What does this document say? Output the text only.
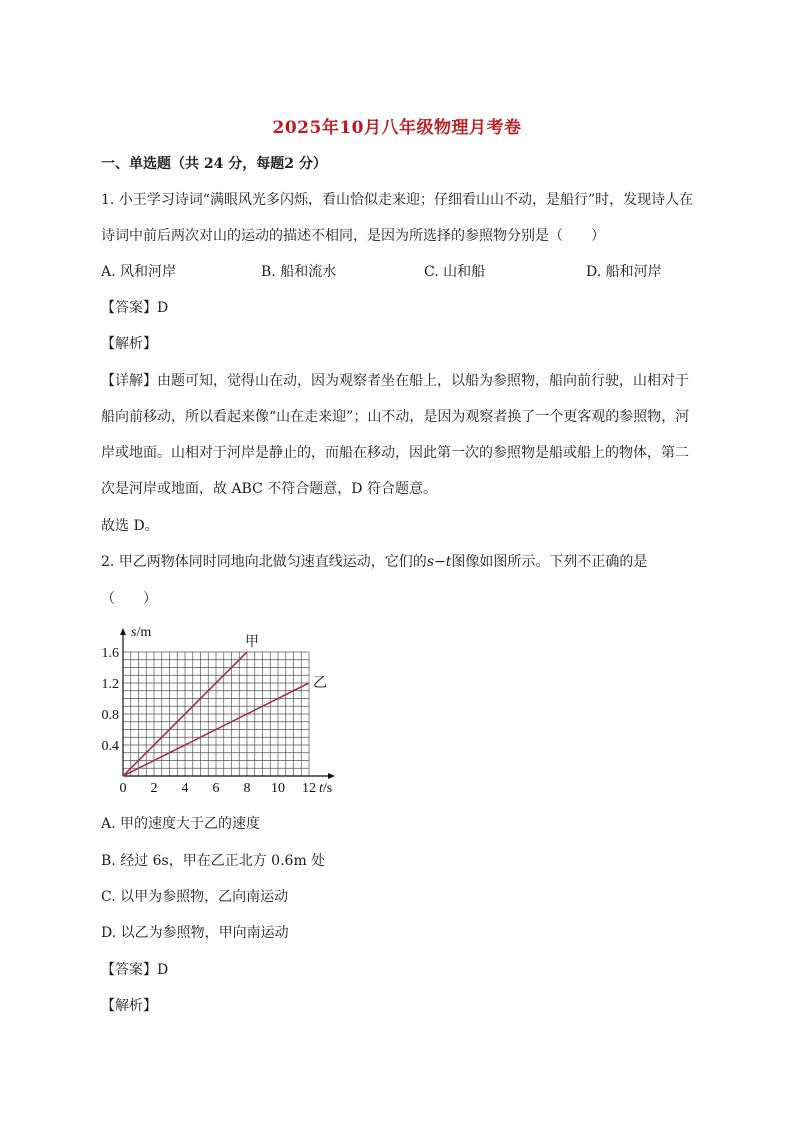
2025年10月八年级物理月考卷
一、单选题（共 24 分，每题2 分）
1. 小王学习诗词“满眼风光多闪烁，看山恰似走来迎；仔细看山山不动，是船行”时，发现诗人在
诗词中前后两次对山的运动的描述不相同，是因为所选择的参照物分别是（　　）
A. 风和河岸	B. 船和流水	C. 山和船	D. 船和河岸
【答案】D
【解析】
【详解】由题可知，觉得山在动，因为观察者坐在船上，以船为参照物，船向前行驶，山相对于
船向前移动，所以看起来像“山在走来迎”；山不动，是因为观察者换了一个更客观的参照物，河
岸或地面。山相对于河岸是静止的，而船在移动，因此第一次的参照物是船或船上的物体，第二
次是河岸或地面，故 ABC 不符合题意，D 符合题意。
故选 D。
2. 甲乙两物体同时同地向北做匀速直线运动，它们的s−t图像如图所示。下列不正确的是
（　　）
0 2 4 6 8 10 12
0.4
0.8
1.2
1.6
s/m
t/s
甲
乙
A. 甲的速度大于乙的速度
B. 经过 6s，甲在乙正北方 0.6m 处
C. 以甲为参照物，乙向南运动
D. 以乙为参照物，甲向南运动
【答案】D
【解析】
